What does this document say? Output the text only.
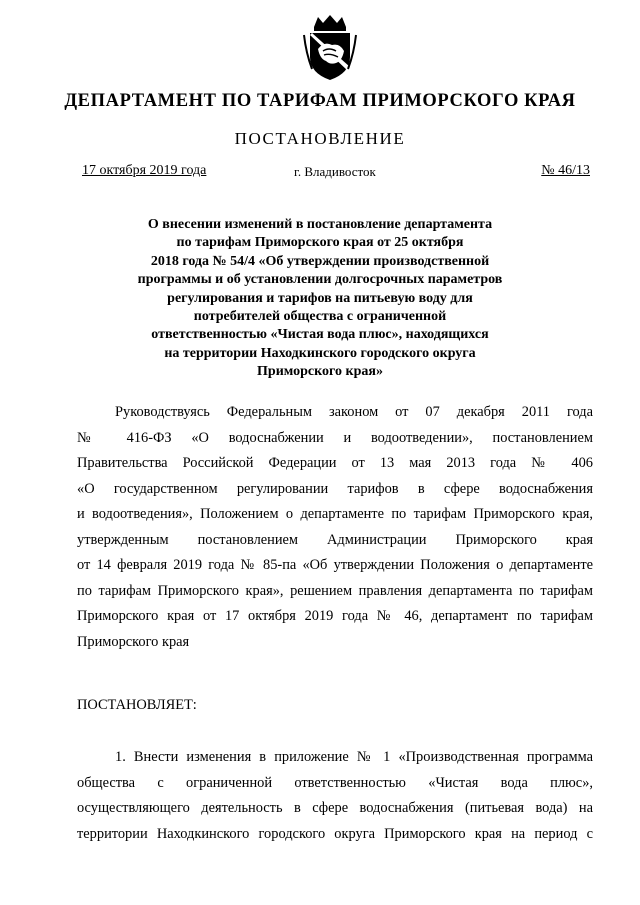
ДЕПАРТАМЕНТ ПО ТАРИФАМ ПРИМОРСКОГО КРАЯ
ПОСТАНОВЛЕНИЕ
17 октября 2019 года	г. Владивосток	№ 46/13
О внесении изменений в постановление департамента
по тарифам Приморского края от 25 октября
2018 года № 54/4 «Об утверждении производственной
программы и об установлении долгосрочных параметров
регулирования и тарифов на питьевую воду для
потребителей общества с ограниченной
ответственностью «Чистая вода плюс», находящихся
на территории Находкинского городского округа
Приморского края»
Руководствуясь Федеральным законом от 07 декабря 2011 года
№ 416-ФЗ «О водоснабжении и водоотведении», постановлением
Правительства Российской Федерации от 13 мая 2013 года № 406
«О государственном регулировании тарифов в сфере водоснабжения
и водоотведения», Положением о департаменте по тарифам Приморского края,
утвержденным постановлением Администрации Приморского края
от 14 февраля 2019 года № 85-па «Об утверждении Положения о департаменте
по тарифам Приморского края», решением правления департамента по тарифам
Приморского края от 17 октября 2019 года № 46, департамент по тарифам
Приморского края
ПОСТАНОВЛЯЕТ:
1. Внести изменения в приложение № 1 «Производственная программа
общества с ограниченной ответственностью «Чистая вода плюс»,
осуществляющего деятельность в сфере водоснабжения (питьевая вода) на
территории Находкинского городского округа Приморского края на период с
